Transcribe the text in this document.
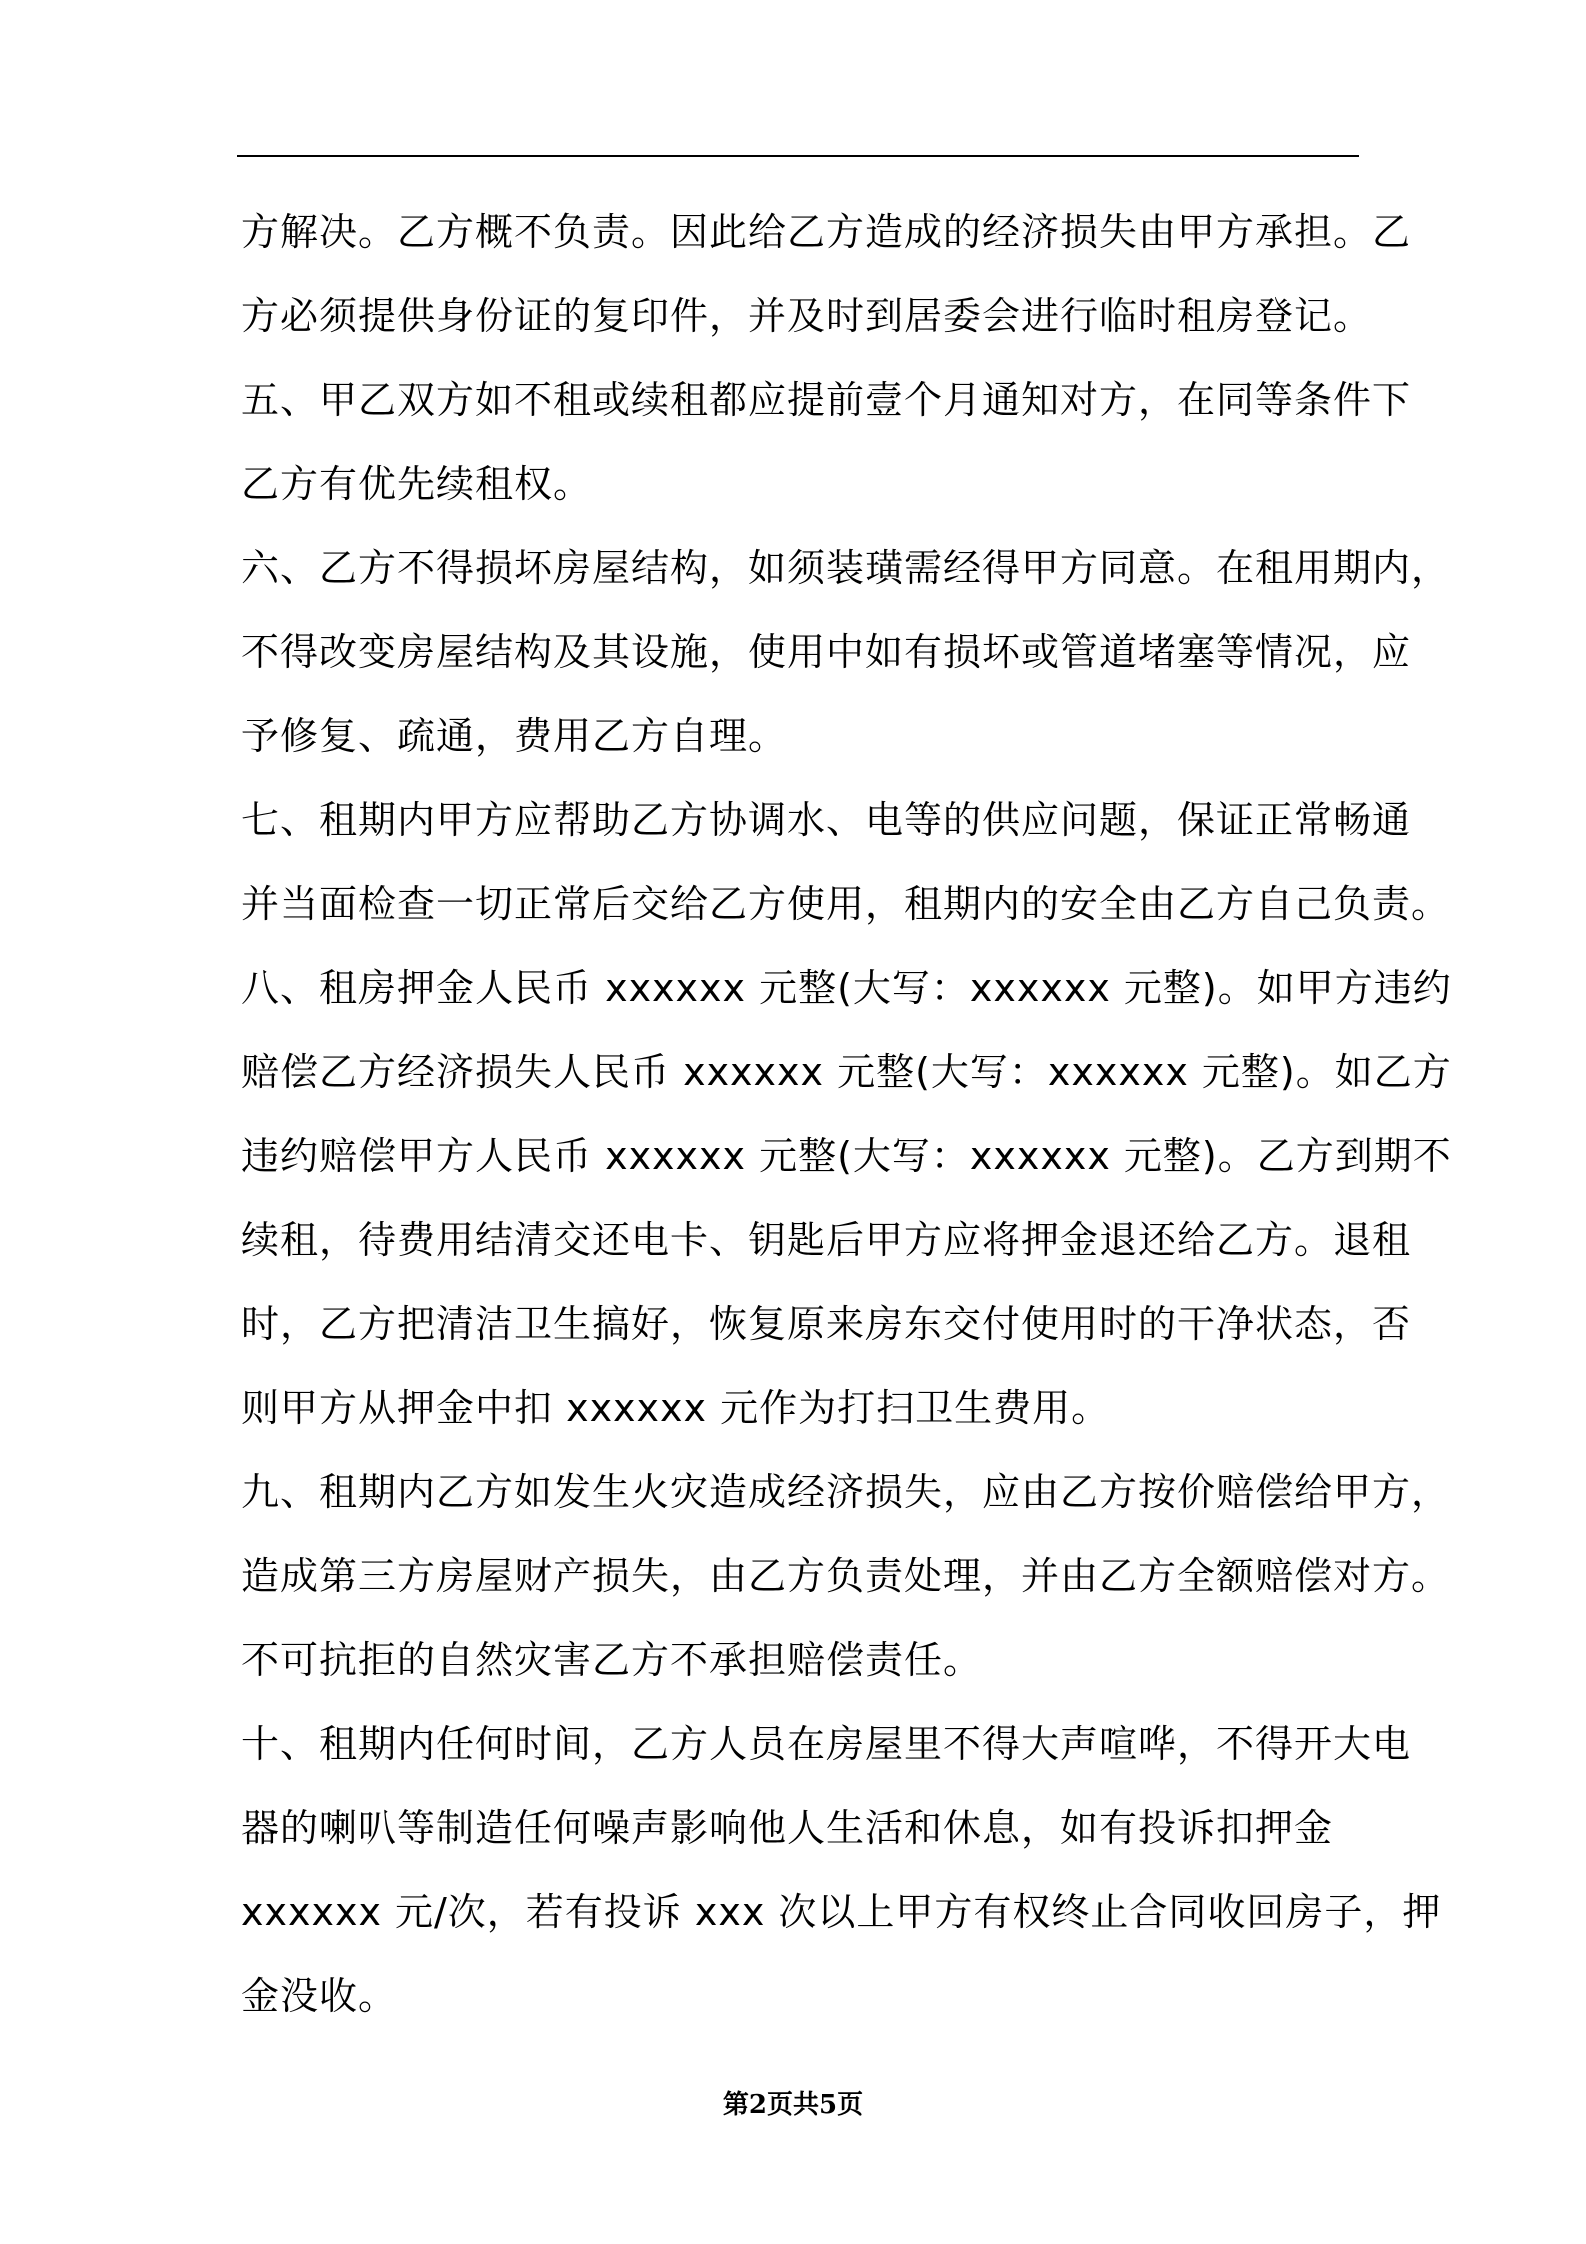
方解决。乙方概不负责。因此给乙方造成的经济损失由甲方承担。乙
方必须提供身份证的复印件，并及时到居委会进行临时租房登记。
五、甲乙双方如不租或续租都应提前壹个月通知对方，在同等条件下
乙方有优先续租权。
六、乙方不得损坏房屋结构，如须装璜需经得甲方同意。在租用期内，
不得改变房屋结构及其设施，使用中如有损坏或管道堵塞等情况，应
予修复、疏通，费用乙方自理。
七、租期内甲方应帮助乙方协调水、电等的供应问题，保证正常畅通
并当面检查一切正常后交给乙方使用，租期内的安全由乙方自己负责。
八、租房押金人民币 xxxxxx 元整(大写：xxxxxx 元整)。如甲方违约
赔偿乙方经济损失人民币 xxxxxx 元整(大写：xxxxxx 元整)。如乙方
违约赔偿甲方人民币 xxxxxx 元整(大写：xxxxxx 元整)。乙方到期不
续租，待费用结清交还电卡、钥匙后甲方应将押金退还给乙方。退租
时，乙方把清洁卫生搞好，恢复原来房东交付使用时的干净状态，否
则甲方从押金中扣 xxxxxx 元作为打扫卫生费用。
九、租期内乙方如发生火灾造成经济损失，应由乙方按价赔偿给甲方，
造成第三方房屋财产损失，由乙方负责处理，并由乙方全额赔偿对方。
不可抗拒的自然灾害乙方不承担赔偿责任。
十、租期内任何时间，乙方人员在房屋里不得大声喧哗，不得开大电
器的喇叭等制造任何噪声影响他人生活和休息，如有投诉扣押金
xxxxxx 元/次，若有投诉 xxx 次以上甲方有权终止合同收回房子，押
金没收。
第2页共5页
